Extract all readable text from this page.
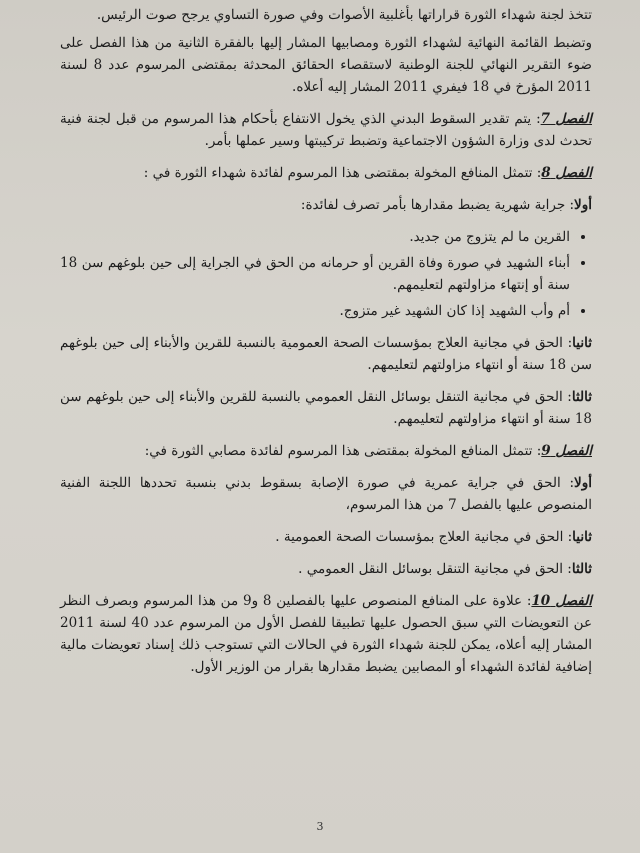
تتخذ لجنة شهداء الثورة قراراتها بأغلبية الأصوات وفي صورة التساوي يرجح صوت الرئيس.

وتضبط القائمة النهائية لشهداء الثورة ومصابيها المشار إليها بالفقرة الثانية من هذا الفصل على ضوء التقرير النهائي للجنة الوطنية لاستقصاء الحقائق المحدثة بمقتضى المرسوم عدد 8 لسنة 2011 المؤرخ في 18 فيفري 2011 المشار إليه أعلاه.

الفصل 7: يتم تقدير السقوط البدني الذي يخول الانتفاع بأحكام هذا المرسوم من قبل لجنة فنية تحدث لدى وزارة الشؤون الاجتماعية وتضبط تركيبتها وسير عملها بأمر.

الفصل 8: تتمثل المنافع المخولة بمقتضى هذا المرسوم لفائدة شهداء الثورة في :

أولا: جراية شهرية يضبط مقدارها بأمر تصرف لفائدة:

• القرين ما لم يتزوج من جديد.
• أبناء الشهيد في صورة وفاة القرين أو حرمانه من الحق في الجراية إلى حين بلوغهم سن 18 سنة أو إنتهاء مزاولتهم لتعليمهم.
• أم وأب الشهيد إذا كان الشهيد غير متزوج.

ثانيا: الحق في مجانية العلاج بمؤسسات الصحة العمومية بالنسبة للقرين والأبناء إلى حين بلوغهم سن 18 سنة أو انتهاء مزاولتهم لتعليمهم.

ثالثا: الحق في مجانية التنقل بوسائل النقل العمومي بالنسبة للقرين والأبناء إلى حين بلوغهم سن 18 سنة أو انتهاء مزاولتهم لتعليمهم.

الفصل 9: تتمثل المنافع المخولة بمقتضى هذا المرسوم لفائدة مصابي الثورة في:

أولا: الحق في جراية عمرية في صورة الإصابة بسقوط بدني بنسبة تحددها اللجنة الفنية المنصوص عليها بالفصل 7 من هذا المرسوم،

ثانيا: الحق في مجانية العلاج بمؤسسات الصحة العمومية .

ثالثا: الحق في مجانية التنقل بوسائل النقل العمومي .

الفصل 10: علاوة على المنافع المنصوص عليها بالفصلين 8 و9 من هذا المرسوم وبصرف النظر عن التعويضات التي سبق الحصول عليها تطبيقا للفصل الأول من المرسوم عدد 40 لسنة 2011 المشار إليه أعلاه، يمكن للجنة شهداء الثورة في الحالات التي تستوجب ذلك إسناد تعويضات مالية إضافية لفائدة الشهداء أو المصابين يضبط مقدارها بقرار من الوزير الأول.

3
